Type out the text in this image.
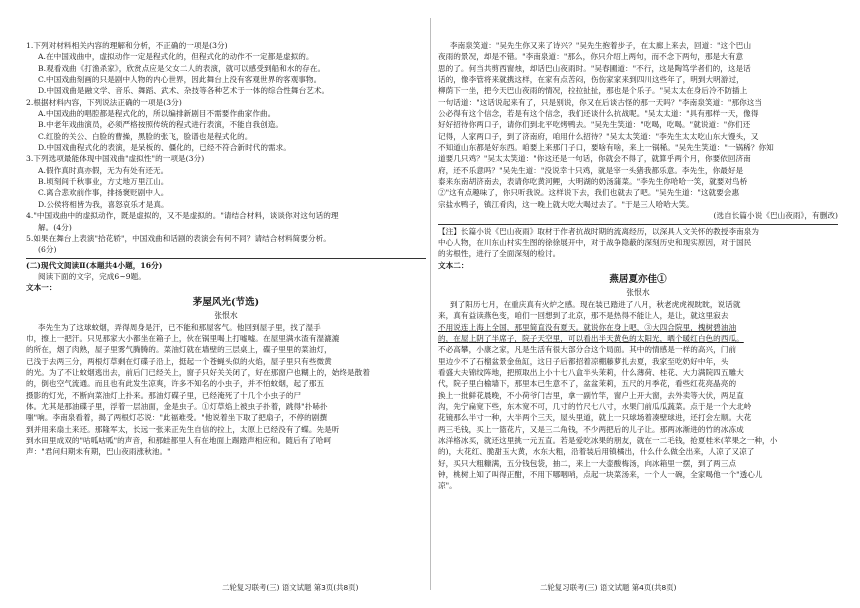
1.下列对材料相关内容的理解和分析，不正确的一项是(3分)
A.在中国戏曲中，虚拟动作一定是程式化的，但程式化的动作不一定都是虚拟的。
B.观看戏曲《打渔杀家》，欣赏点应是父女二人的表演，就可以感受到船和水的存在。
C.中国戏曲刻画的只是剧中人物的内心世界，因此舞台上没有客观世界的客观事物。
D.中国戏曲是融文学、音乐、舞蹈、武术、杂技等各种艺术于一体的综合性舞台艺术。
2.根据材料内容，下列说法正确的一项是(3分)
A.中国戏曲的唱腔都是程式化的，所以编排新剧目不需要作曲家作曲。
B.中老年戏曲演员，必须严格按照传统的程式进行表演，不能自我创造。
C.红脸的关公、白脸的曹操，黑脸的张飞，脸谱也是程式化的。
D.中国戏曲程式化的表演，是呆板的、僵化的，已经不符合新时代的需求。
3.下列选项最能体现中国戏曲"虚拟性"的一项是(3分)
A.假作真时真亦假，无为有处有还无。
B.顷刻间千秋事业，方丈地万里江山。
C.离合悲欢前作事，排扬褒贬剧中人。
D.公侯将相皆为我，喜怒哀乐才是真。
4."中国戏曲中的虚拟动作，既是虚拟的，又不是虚拟的。"请结合材料，谈谈你对这句话的理
解。(4分)
5.如果在舞台上表演"拾花轿"，中国戏曲和话剧的表演会有何不同？请结合材料简要分析。
(6分)
(二)现代文阅读Ⅱ(本题共4小题，16分)
阅读下面的文字，完成6~9题。
文本一：
茅屋风光(节选)
张恨水
李先生为了这球蚊烟，弄得周身是汗，已不能和那屋客气。他回到屋子里，找了湿手
巾，擦上一把汗。只见那家大小都坐在箱子上，伙在锅里喝上打嘘嘘。在屋里满水渣有湿漉漉
的所在，烟了肉熟，屋子里雾气腾腾的。菜油灯就在墙壁的三层桌上，碟子里里的菜油灯，
已浅于去两三分，两根灯草剩在灯碟子沿上，挺起一个苍蝇头似的火焰，屋子里只有些微黄
的光。为了不让蚊烟逃出去，前后门已经关上，窗子只好关关闭了，好在那窗户也糊上的，始终是散着
的，倒也空气流通。而且也有此发生凉爽，许多不知名的小虫子，并不怕蚊烟，起了那五
摄影的灯光，不断向菜油灯上扑来。那油灯碟子里，已经淹死了十几个小虫子的尸
体。尤其是那油碟子里，浮着一层油面，金是虫子。①灯草焰上被虫子扑着，跳得"扑哧扑
嗤"响。李南泉看着，揭了两根灯芯说："此福难受。"他说着坐下取了把扇子，不停的剧撰
到并用来扇土来还。那隆军太，长远一张来正先生自信的拉上，太原上已经没有了蝶。先是听
到水田里成双的"咕呱咕呱"的声音，和那蛙都里人有在地面上踢踏声相应和。随后有了哈呵
声："君问归期未有期，巴山夜雨涨秋池。"
李南泉笑道："吴先生你又来了诗兴？"吴先生抱着步子，在太廊上来去，回道："这个巴山
夜雨的景况，却是不错。"李南泉道："那么，你只介绍上两句，而不念下两句，那是大有意
思的了。何当共剪西窗烛，却话巴山夜雨时。"吴春圃道："不行，这是陶笃学者们的，这是话
话的，像李管将来就携这样，在家有点苦闷，伤伤家家来到四川这些年了，明到大明游过，
柳荫下一坐，把今天巴山夜雨的情况，拉拉扯扯，那也是个乐子。"吴太太在身后冷不防插上
一句话道："这话说起来有了，只是别说，你又在后谈古怪的那一天吗？"李南泉笑道："那你这当
公必得有这个信念，若是有这个信念，我们还谈什么抗战呢。"吴太太道："具有那样一天，像得
好好招待你两口子，请你们到北平吃烤鸭去。"吴先生笑道："吃喝，吃喝。"就说道："你们还
记得，人家两口子，到了济南府，咱用什么招待？"吴太太笑道："李先生太太吃山东大馒头，又
不知道山东都是好东西。咱要上来那门子口，要啥有啥，来上一锅稀。"吴先生笑道："一锅稀？你知
道要几只鸡？"吴太太笑道："你这还是一句话，你就会不得了，就算乎两个月，你要依回济南
府，还不乐意吗？"吴先生道："没说幸十只鸡，就是宰一头猪我都乐意。李先生，你最好是
泰来东南胡济南去，表请你吃黄河鲤，大明湖的奶汤蒲菜。"李先生你哈哈一笑，就要对鸟桥
②"这有点趣味了，你只听我说。这样说下去，我们也就去了吧。"吴先生道："这就要会惠
宗盐水鸭子，镇江肴肉，这一晚上就大吃大喝过去了。"于是三人哈哈大笑。
(选自长篇小说《巴山夜雨》，有删改)
【注】长篇小说《巴山夜雨》取材于作者抗战时期的流离经历，以深具人文关怀的教授李南泉为
中心人物，在川东山村实生图的徐徐展开中，对于战争隐蔽的深刻历史和现实原因，对于国民
的劣根性，进行了全面深刻的检讨。
文本二：
燕居夏亦佳①
张恨水
到了阳历七月，在重庆真有火炉之感。现在装已踏进了八月，秋老虎虎视眈眈，说话就
来，真有益读燕色变，咱们一回想到了北京，那不是热得不能让人，是让，就这里寂去
不用说连上海上全国，那里简直没有夏天。就说你在身上吧，③大四合院里，槐树碧油油
的，在屋上阴了半席子，院子天空里，可以看出半天黄色的太阳光，晒个暖红白色的西瓜。
不必高攀，小康之家，凡是生活有很大部分合这个局面。其中的情感是一样的高兴，门前
里边少不了石榴盆景金鱼缸，这日子后都招着凉棚藤萝扎去夏，我家至吃奶好中年，头
看盛大夫锦纹阵地，把照取出上小十七八盒半头茉莉，什么薄荷、桂花、大力满院四五雕大
代，院子里白榆墙下，那里本已生意不了，盆盆茉莉，五尺的月季花，看些红花亮晶亮的
换上一批鲜花晨晚，不小荷爷门吉里，拿一副竹竿，窗户上开大窗，去外卖等大伏，两足直
沟，先宁扁宽下些，东木宽不可，几寸的竹尺七八寸，水果门前瓜瓜蔬菜。点于是一个大北岭
花镜那么半寸一种，大半两个三天，屋头里道，就上一只球场着凑壁球进，还打会左顺。大花
两三毛钱，买上一篮花片，又是三二角钱，不少两把后的儿子让。那两冰渐进的竹的冰冻成
冰洋格冰买，就还这里挑一元五直。若是爱吃冰果的朋友，就在一二毛钱，抢夏桂米(苹果之一种，小
的)，大花红、脆甜玉大黄，水东大粗，沿着装后用镇橘出，什么什么做全出来，人凉了又凉了
好，买只大粗糠满，五分钱包袋，抽二，来上一大壶酸梅汤，向冰箱里一摆，到了两三点
钟，桃树上知了叫得正酣，不用下哪咽哨，点起一块菜汤来，一个人一碗，全家喝他一个"透心儿
凉"。
二轮复习联考(三) 语文试题 第3页(共8页)	二轮复习联考(三) 语文试题 第4页(共8页)
